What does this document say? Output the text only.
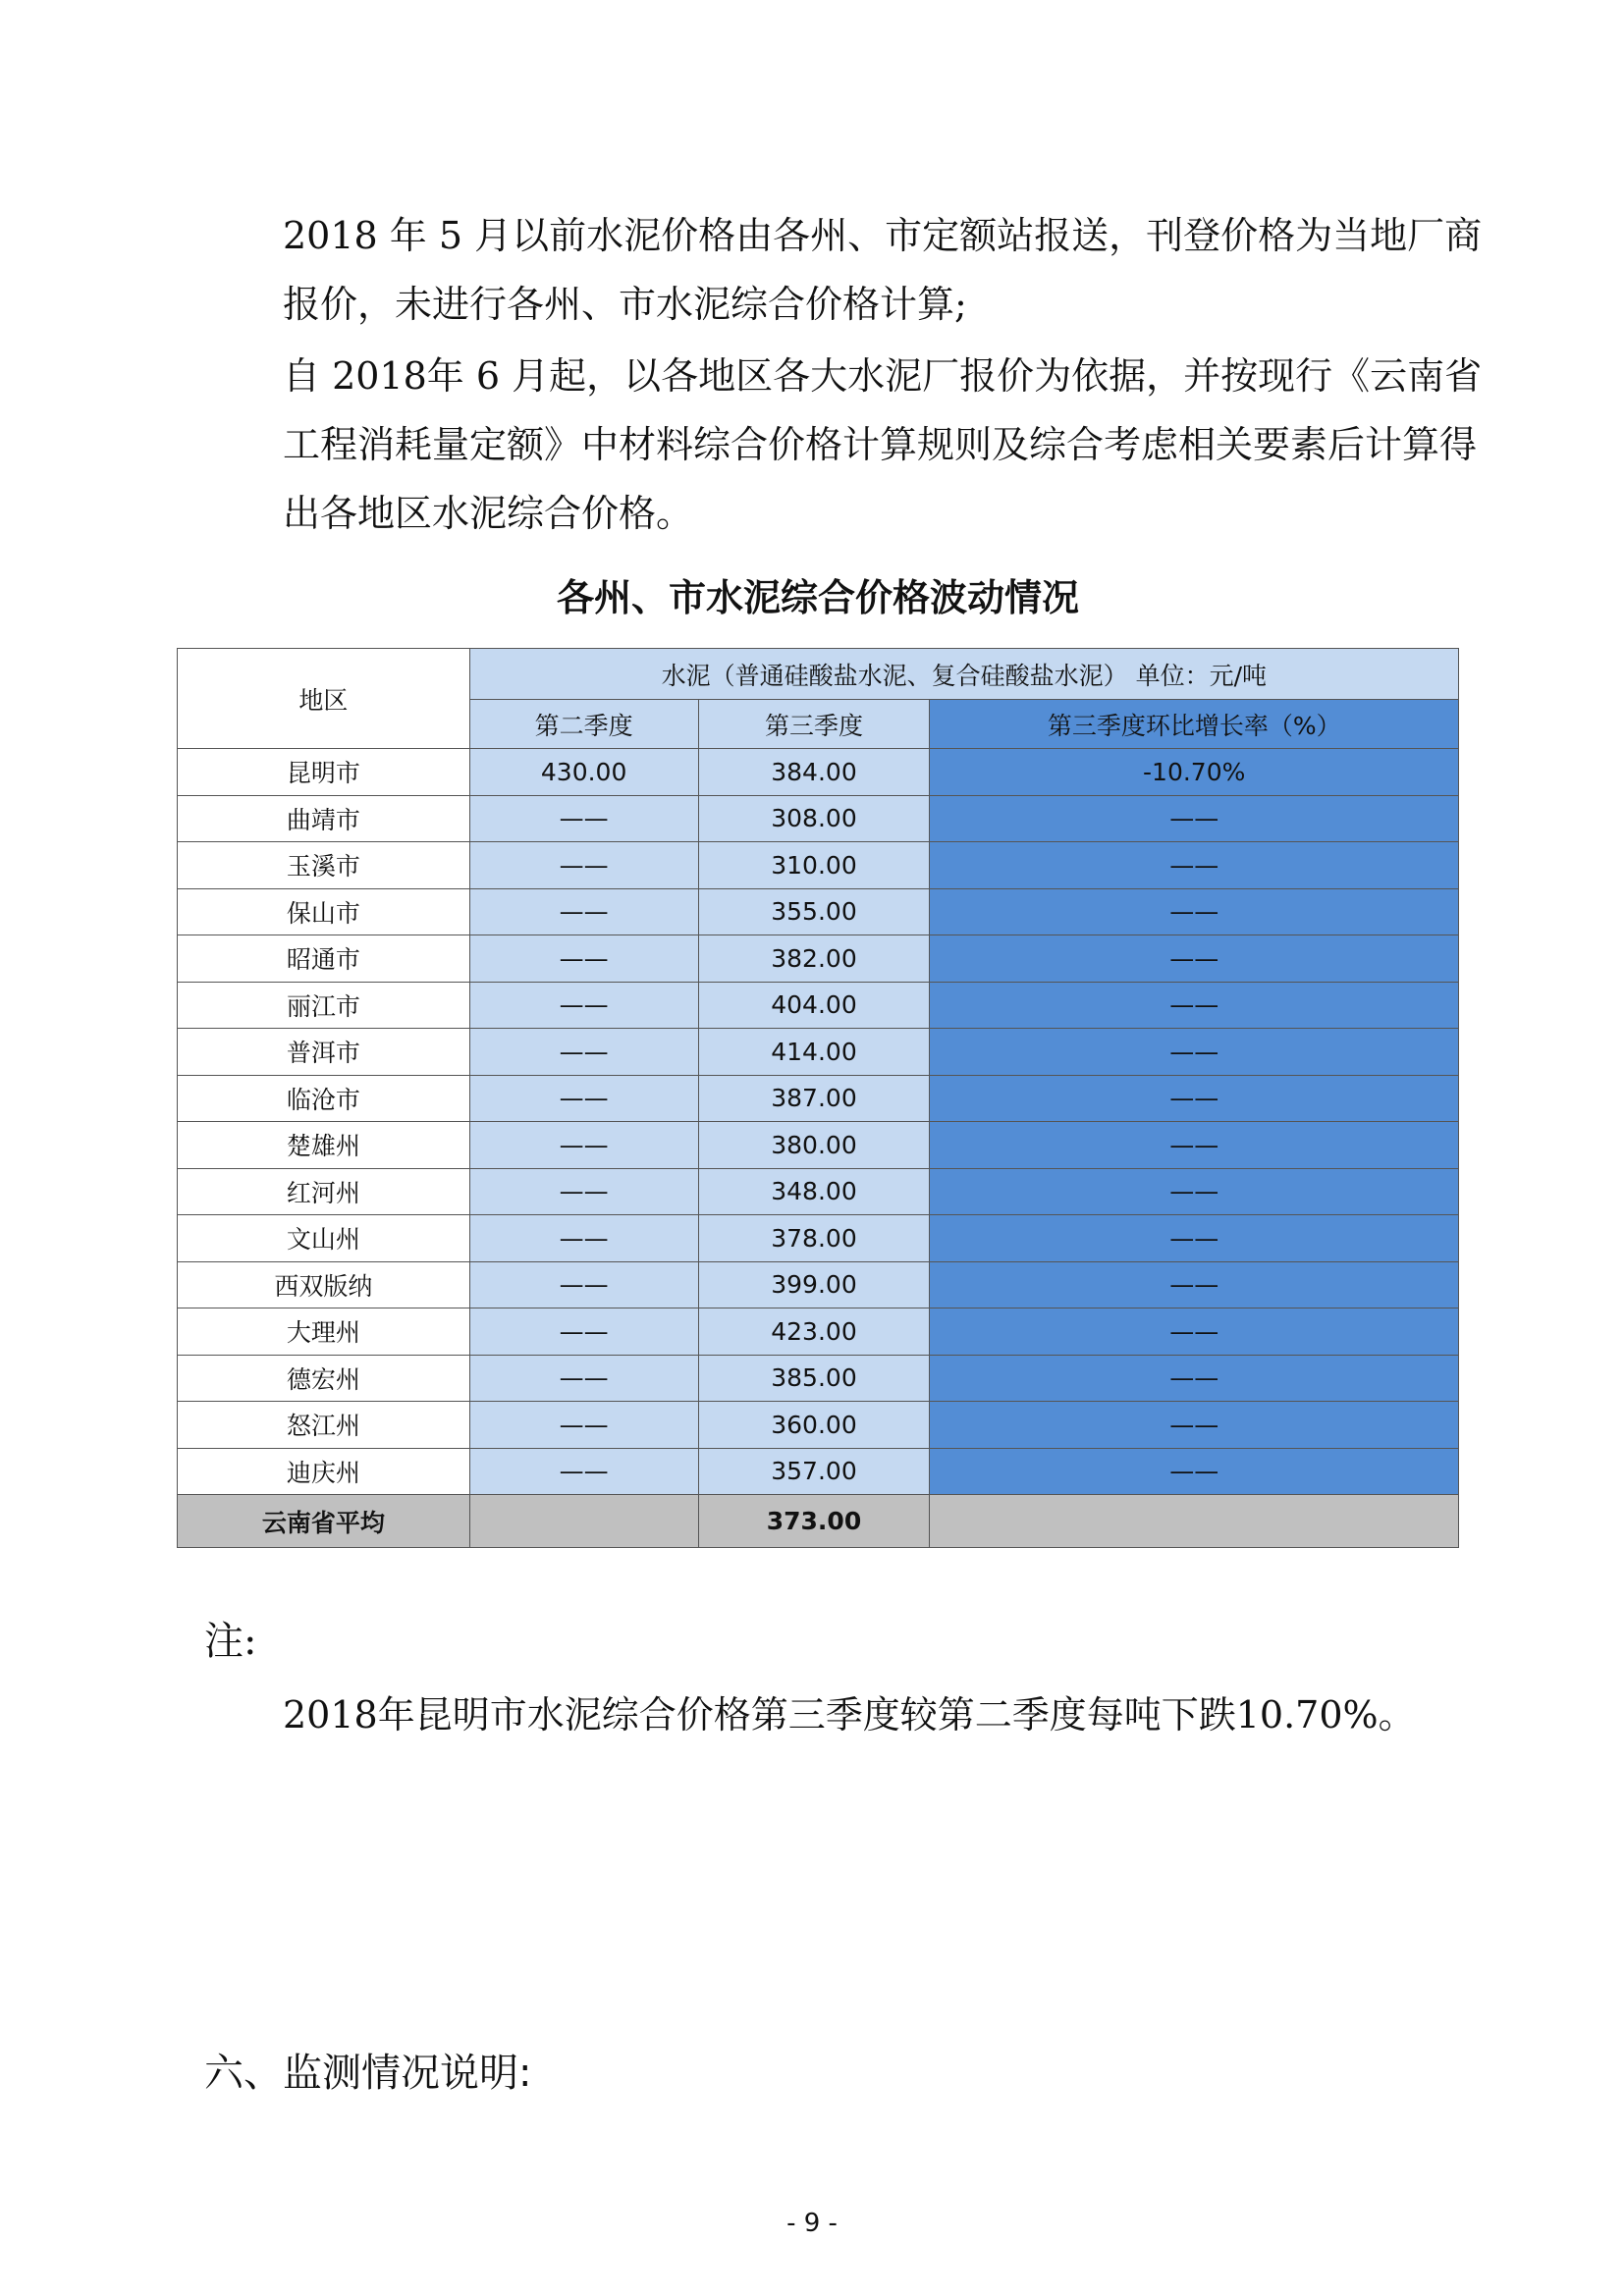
2018 年 5 月以前水泥价格由各州、市定额站报送，刊登价格为当地厂商报价，未进行各州、市水泥综合价格计算;

自 2018年 6 月起，以各地区各大水泥厂报价为依据，并按现行《云南省工程消耗量定额》中材料综合价格计算规则及综合考虑相关要素后计算得出各地区水泥综合价格。

各州、市水泥综合价格波动情况
地区	水泥（普通硅酸盐水泥、复合硅酸盐水泥） 单位：元/吨		
	第二季度	第三季度	第三季度环比增长率（%）
昆明市	430.00	384.00	-10.70%
曲靖市	——	308.00	——
玉溪市	——	310.00	——
保山市	——	355.00	——
昭通市	——	382.00	——
丽江市	——	404.00	——
普洱市	——	414.00	——
临沧市	——	387.00	——
楚雄州	——	380.00	——
红河州	——	348.00	——
文山州	——	378.00	——
西双版纳	——	399.00	——
大理州	——	423.00	——
德宏州	——	385.00	——
怒江州	——	360.00	——
迪庆州	——	357.00	——
云南省平均		373.00	

注:

2018年昆明市水泥综合价格第三季度较第二季度每吨下跌10.70%。

六、监测情况说明:

- 9 -
